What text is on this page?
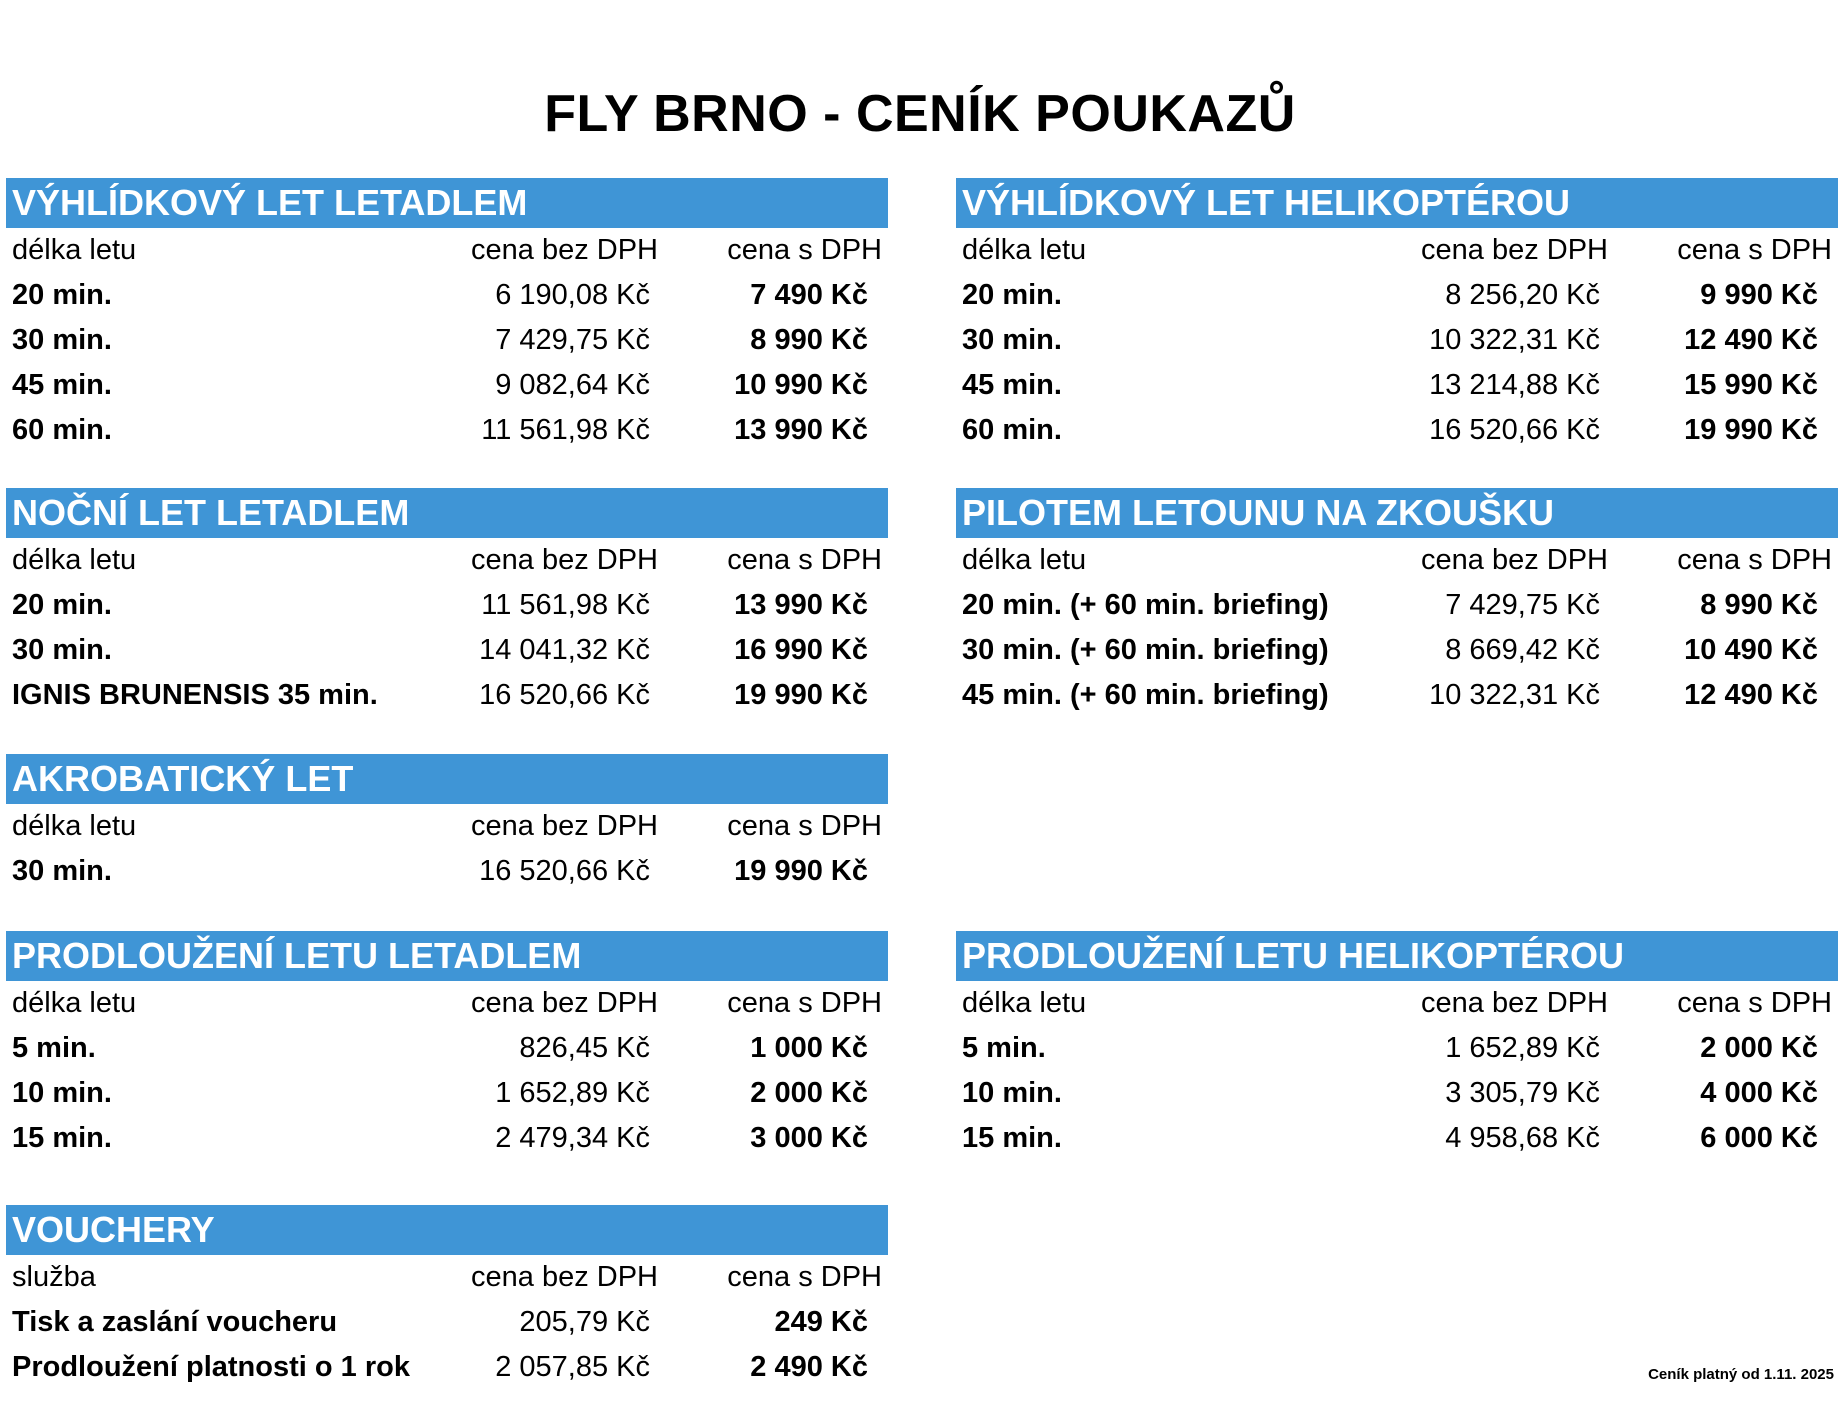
FLY BRNO - CENÍK POUKAZŮ
VÝHLÍDKOVÝ LET LETADLEM
délka letu	cena bez DPH cena s DPH
20 min.	6 190,08 Kč	7 490 Kč
30 min.	7 429,75 Kč	8 990 Kč
45 min.	9 082,64 Kč	10 990 Kč
60 min.	11 561,98 Kč	13 990 Kč
VÝHLÍDKOVÝ LET HELIKOPTÉROU
délka letu	cena bez DPH cena s DPH
20 min.	8 256,20 Kč	9 990 Kč
30 min.	10 322,31 Kč	12 490 Kč
45 min.	13 214,88 Kč	15 990 Kč
60 min.	16 520,66 Kč	19 990 Kč
NOČNÍ LET LETADLEM
délka letu	cena bez DPH cena s DPH
20 min.	11 561,98 Kč	13 990 Kč
30 min.	14 041,32 Kč	16 990 Kč
IGNIS BRUNENSIS 35 min.	16 520,66 Kč	19 990 Kč
PILOTEM LETOUNU NA ZKOUŠKU
délka letu	cena bez DPH cena s DPH
20 min. (+ 60 min. briefing)	7 429,75 Kč	8 990 Kč
30 min. (+ 60 min. briefing)	8 669,42 Kč	10 490 Kč
45 min. (+ 60 min. briefing)	10 322,31 Kč	12 490 Kč
AKROBATICKÝ LET
délka letu	cena bez DPH cena s DPH
30 min.	16 520,66 Kč	19 990 Kč
PRODLOUŽENÍ LETU LETADLEM
délka letu	cena bez DPH cena s DPH
5 min.	826,45 Kč	1 000 Kč
10 min.	1 652,89 Kč	2 000 Kč
15 min.	2 479,34 Kč	3 000 Kč
PRODLOUŽENÍ LETU HELIKOPTÉROU
délka letu	cena bez DPH cena s DPH
5 min.	1 652,89 Kč	2 000 Kč
10 min.	3 305,79 Kč	4 000 Kč
15 min.	4 958,68 Kč	6 000 Kč
VOUCHERY
služba	cena bez DPH cena s DPH
Tisk a zaslání voucheru	205,79 Kč	249 Kč
Prodloužení platnosti o 1 rok	2 057,85 Kč	2 490 Kč	Ceník platný od 1.11. 2025
